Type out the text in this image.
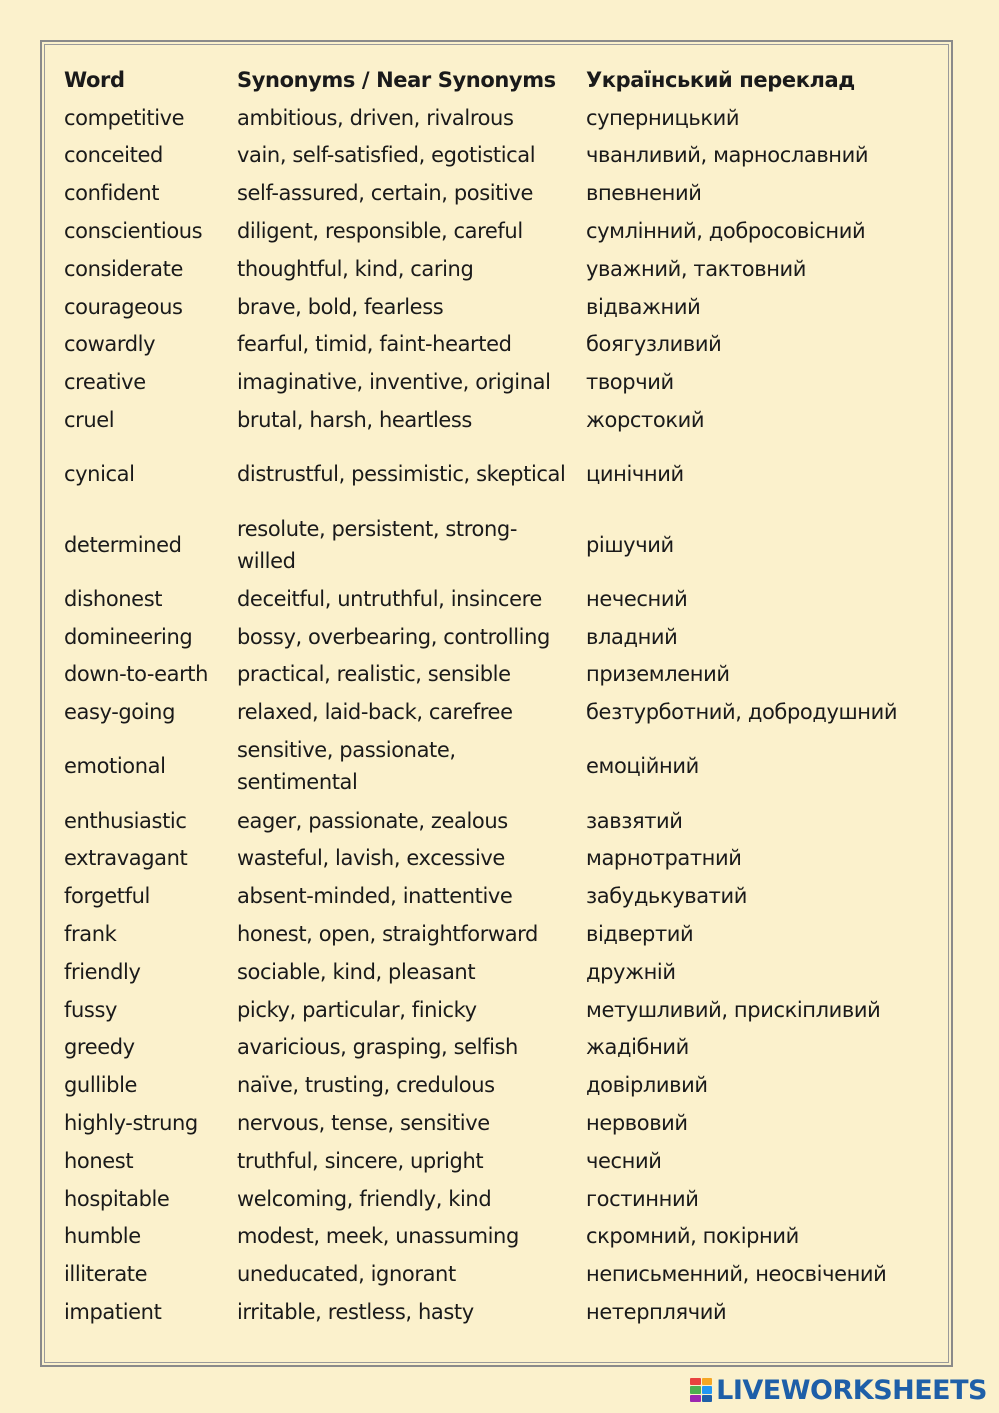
Word	Synonyms / Near Synonyms	Український переклад
competitive	ambitious, driven, rivalrous	суперницький
conceited	vain, self-satisfied, egotistical	чванливий, марнославний
confident	self-assured, certain, positive	впевнений
conscientious	diligent, responsible, careful	сумлінний, добросовісний
considerate	thoughtful, kind, caring	уважний, тактовний
courageous	brave, bold, fearless	відважний
cowardly	fearful, timid, faint-hearted	боягузливий
creative	imaginative, inventive, original	творчий
cruel	brutal, harsh, heartless	жорстокий
cynical	distrustful, pessimistic, skeptical	цинічний
determined	resolute, persistent, strong-willed	рішучий
dishonest	deceitful, untruthful, insincere	нечесний
domineering	bossy, overbearing, controlling	владний
down-to-earth	practical, realistic, sensible	приземлений
easy-going	relaxed, laid-back, carefree	безтурботний, добродушний
emotional	sensitive, passionate, sentimental	емоційний
enthusiastic	eager, passionate, zealous	завзятий
extravagant	wasteful, lavish, excessive	марнотратний
forgetful	absent-minded, inattentive	забудькуватий
frank	honest, open, straightforward	відвертий
friendly	sociable, kind, pleasant	дружній
fussy	picky, particular, finicky	метушливий, прискіпливий
greedy	avaricious, grasping, selfish	жадібний
gullible	naïve, trusting, credulous	довірливий
highly-strung	nervous, tense, sensitive	нервовий
honest	truthful, sincere, upright	чесний
hospitable	welcoming, friendly, kind	гостинний
humble	modest, meek, unassuming	скромний, покірний
illiterate	uneducated, ignorant	неписьменний, неосвічений
impatient	irritable, restless, hasty	нетерплячий
LIVEWORKSHEETS
